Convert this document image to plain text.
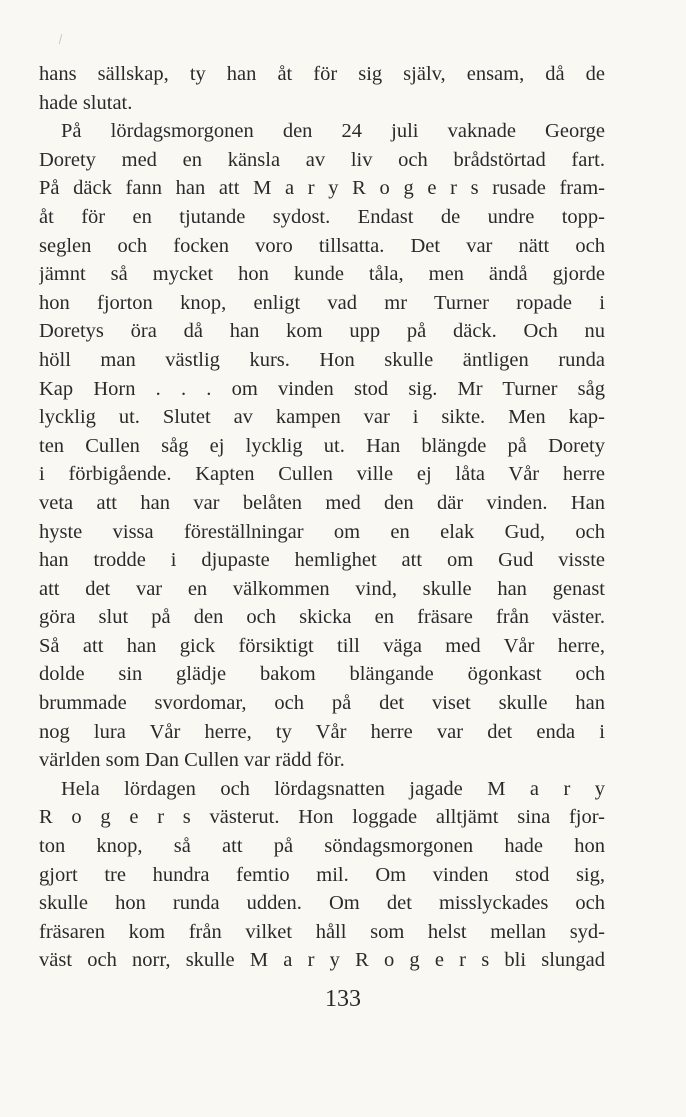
hans sällskap, ty han åt för sig själv, ensam, då de
hade slutat.
På lördagsmorgonen den 24 juli vaknade George
Dorety med en känsla av liv och brådstörtad fart.
På däck fann han att M a r y R o g e r s rusade fram-
åt för en tjutande sydost. Endast de undre topp-
seglen och focken voro tillsatta. Det var nätt och
jämnt så mycket hon kunde tåla, men ändå gjorde
hon fjorton knop, enligt vad mr Turner ropade i
Doretys öra då han kom upp på däck. Och nu
höll man västlig kurs. Hon skulle äntligen runda
Kap Horn . . . om vinden stod sig. Mr Turner såg
lycklig ut. Slutet av kampen var i sikte. Men kap-
ten Cullen såg ej lycklig ut. Han blängde på Dorety
i förbigående. Kapten Cullen ville ej låta Vår herre
veta att han var belåten med den där vinden. Han
hyste vissa föreställningar om en elak Gud, och
han trodde i djupaste hemlighet att om Gud visste
att det var en välkommen vind, skulle han genast
göra slut på den och skicka en fräsare från väster.
Så att han gick försiktigt till väga med Vår herre,
dolde sin glädje bakom blängande ögonkast och
brummade svordomar, och på det viset skulle han
nog lura Vår herre, ty Vår herre var det enda i
världen som Dan Cullen var rädd för.
Hela lördagen och lördagsnatten jagade M a r y
R o g e r s västerut. Hon loggade alltjämt sina fjor-
ton knop, så att på söndagsmorgonen hade hon
gjort tre hundra femtio mil. Om vinden stod sig,
skulle hon runda udden. Om det misslyckades och
fräsaren kom från vilket håll som helst mellan syd-
väst och norr, skulle M a r y R o g e r s bli slungad
133
